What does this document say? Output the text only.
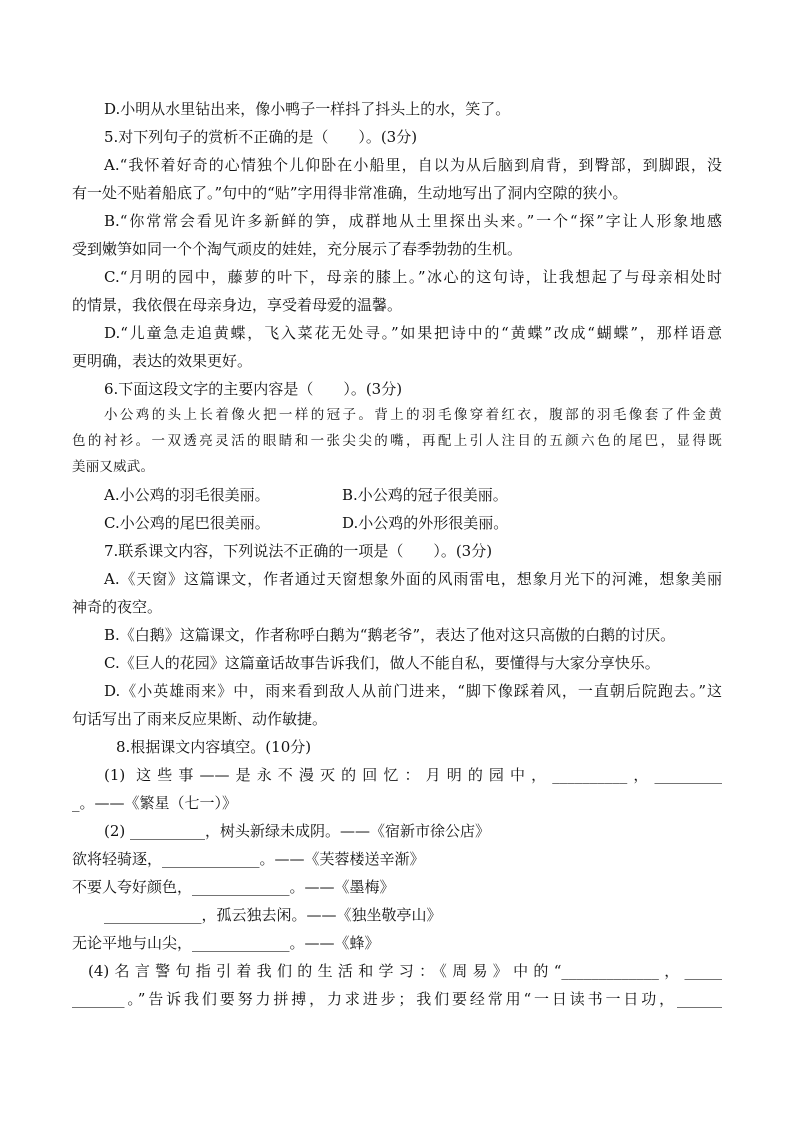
D.小明从水里钻出来，像小鸭子一样抖了抖头上的水，笑了。
5.对下列句子的赏析不正确的是（　　）。(3分)
A.“我怀着好奇的心情独个儿仰卧在小船里，自以为从后脑到肩背，到臀部，到脚跟，没
有一处不贴着船底了。”句中的“贴”字用得非常准确，生动地写出了洞内空隙的狭小。
B.“你常常会看见许多新鲜的笋，成群地从土里探出头来。”一个“探”字让人形象地感
受到嫩笋如同一个个淘气顽皮的娃娃，充分展示了春季勃勃的生机。
C.“月明的园中，藤萝的叶下，母亲的膝上。”冰心的这句诗，让我想起了与母亲相处时
的情景，我依偎在母亲身边，享受着母爱的温馨。
D.“儿童急走追黄蝶，飞入菜花无处寻。”如果把诗中的“黄蝶”改成“蝴蝶”，那样语意
更明确，表达的效果更好。
6.下面这段文字的主要内容是（　　）。(3分)
小公鸡的头上长着像火把一样的冠子。背上的羽毛像穿着红衣，腹部的羽毛像套了件金黄
色的衬衫。一双透亮灵活的眼睛和一张尖尖的嘴，再配上引人注目的五颜六色的尾巴，显得既
美丽又威武。
A.小公鸡的羽毛很美丽。	B.小公鸡的冠子很美丽。
C.小公鸡的尾巴很美丽。	D.小公鸡的外形很美丽。
7.联系课文内容，下列说法不正确的一项是（　　）。(3分)
A.《天窗》这篇课文，作者通过天窗想象外面的风雨雷电，想象月光下的河滩，想象美丽
神奇的夜空。
B.《白鹅》这篇课文，作者称呼白鹅为“鹅老爷”，表达了他对这只高傲的白鹅的讨厌。
C.《巨人的花园》这篇童话故事告诉我们，做人不能自私，要懂得与大家分享快乐。
D.《小英雄雨来》中，雨来看到敌人从前门进来，“脚下像踩着风，一直朝后院跑去。”这
句话写出了雨来反应果断、动作敏捷。
8.根据课文内容填空。(10分)
(1) 这些事——是永不漫灭的回忆：月明的园中，__________，_________
_。——《繁星（七一）》
(2) __________，树头新绿未成阴。——《宿新市徐公店》
欲将轻骑逐，_____________。——《芙蓉楼送辛渐》
不要人夸好颜色，_____________。——《墨梅》
_____________，孤云独去闲。——《独坐敬亭山》
无论平地与山尖，_____________。——《蜂》
(4)名言警句指引着我们的生活和学习：《周易》中的“_____________，_____
_______。”告诉我们要努力拼搏，力求进步；我们要经常用“一日读书一日功，______
